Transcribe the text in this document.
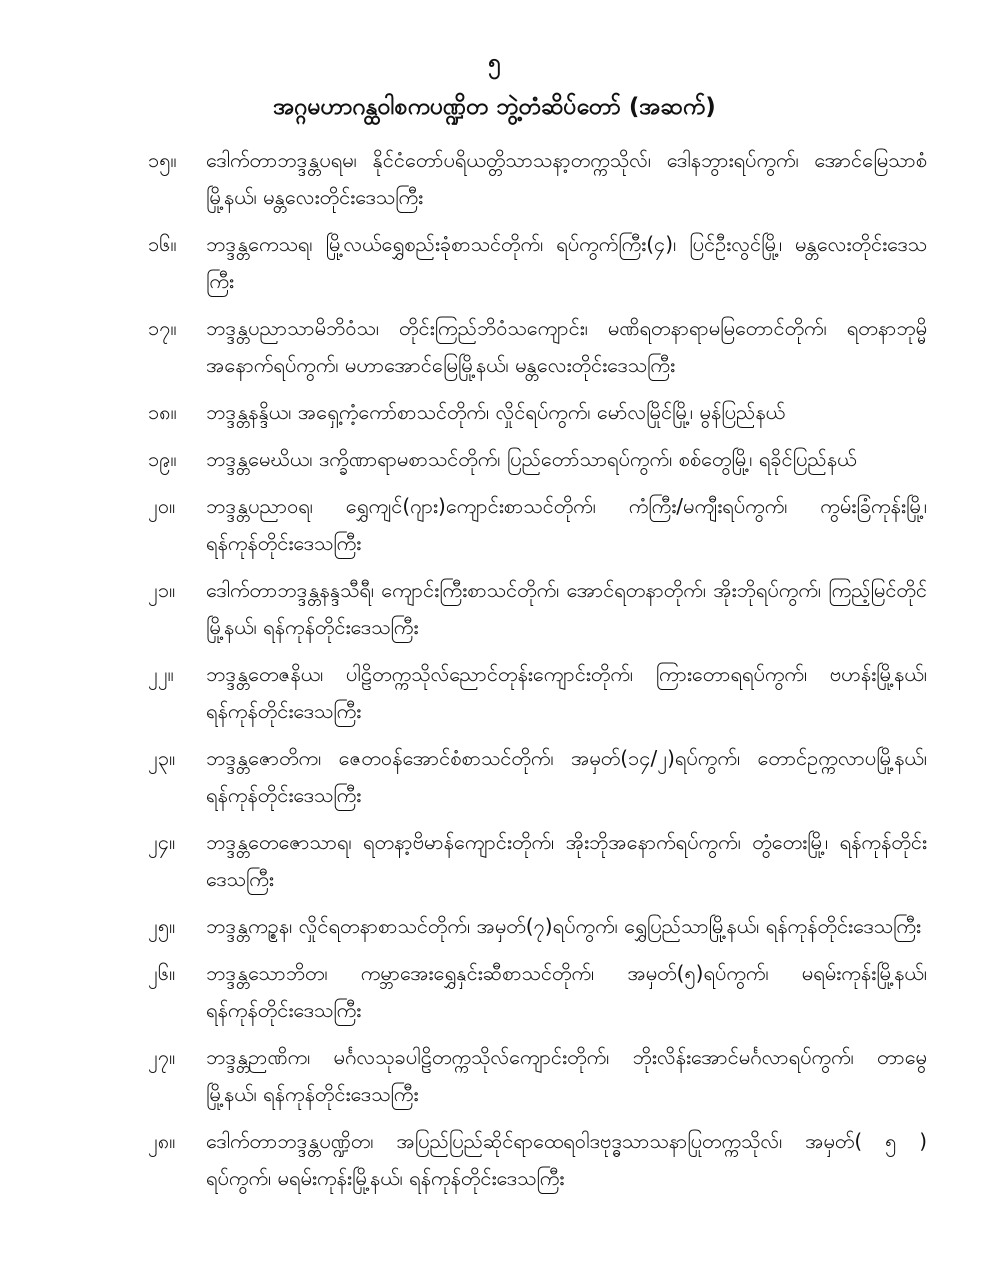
၅
အဂ္ဂမဟာဂန္ထဝါစကပဏ္ဍိတ ဘွဲ့တံဆိပ်တော် (အဆက်)
၁၅။	ဒေါက်တာဘဒ္ဒန္တပရမ၊ နိုင်ငံတော်ပရိယတ္တိသာသနာ့တက္ကသိုလ်၊ ဒေါနဘွားရပ်ကွက်၊ အောင်မြေသာစံမြို့နယ်၊ မန္တလေးတိုင်းဒေသကြီး
၁၆။	ဘဒ္ဒန္တကေသရ၊ မြို့လယ်ရွှေစည်းခုံစာသင်တိုက်၊ ရပ်ကွက်ကြီး(၄)၊ ပြင်ဦးလွင်မြို့၊ မန္တလေးတိုင်းဒေသကြီး
၁၇။	ဘဒ္ဒန္တပညာသာမိဘိဝံသ၊ တိုင်းကြည်ဘိဝံသကျောင်း၊ မဏိရတနာရာမမြတောင်တိုက်၊ ရတနာဘုမ္မိအနောက်ရပ်ကွက်၊ မဟာအောင်မြေမြို့နယ်၊ မန္တလေးတိုင်းဒေသကြီး
၁၈။	ဘဒ္ဒန္တနန္ဒိယ၊ အရှေ့ကံ့ကော်စာသင်တိုက်၊ လှိုင်ရပ်ကွက်၊ မော်လမြိုင်မြို့၊ မွန်ပြည်နယ်
၁၉။	ဘဒ္ဒန္တမေဃိယ၊ ဒက္ခိဏာရာမစာသင်တိုက်၊ ပြည်တော်သာရပ်ကွက်၊ စစ်တွေမြို့၊ ရခိုင်ပြည်နယ်
၂၀။	ဘဒ္ဒန္တပညာဝရ၊ ရွှေကျင်(ဂျား)ကျောင်းစာသင်တိုက်၊ ကံကြီး/မကျီးရပ်ကွက်၊ ကွမ်းခြံကုန်းမြို့၊ ရန်ကုန်တိုင်းဒေသကြီး
၂၁။	ဒေါက်တာဘဒ္ဒန္တနန္ဒသီရီ၊ ကျောင်းကြီးစာသင်တိုက်၊ အောင်ရတနာတိုက်၊ အိုးဘိုရပ်ကွက်၊ ကြည့်မြင်တိုင်မြို့နယ်၊ ရန်ကုန်တိုင်းဒေသကြီး
၂၂။	ဘဒ္ဒန္တတေဇနိယ၊ ပါဠိတက္ကသိုလ်ညောင်တုန်းကျောင်းတိုက်၊ ကြားတောရရပ်ကွက်၊ ဗဟန်းမြို့နယ်၊ ရန်ကုန်တိုင်းဒေသကြီး
၂၃။	ဘဒ္ဒန္တဇောတိက၊ ဇေတဝန်အောင်စံစာသင်တိုက်၊ အမှတ်(၁၄/၂)ရပ်ကွက်၊ တောင်ဥက္ကလာပမြို့နယ်၊ ရန်ကုန်တိုင်းဒေသကြီး
၂၄။	ဘဒ္ဒန္တတေဇောသာရ၊ ရတနာ့ဗိမာန်ကျောင်းတိုက်၊ အိုးဘိုအနောက်ရပ်ကွက်၊ တွံတေးမြို့၊ ရန်ကုန်တိုင်းဒေသကြီး
၂၅။	ဘဒ္ဒန္တကဉ္စန၊ လှိုင်ရတနာစာသင်တိုက်၊ အမှတ်(၇)ရပ်ကွက်၊ ရွှေပြည်သာမြို့နယ်၊ ရန်ကုန်တိုင်းဒေသကြီး
၂၆။	ဘဒ္ဒန္တသောဘိတ၊ ကမ္ဘာအေးရွှေနှင်းဆီစာသင်တိုက်၊ အမှတ်(၅)ရပ်ကွက်၊ မရမ်းကုန်းမြို့နယ်၊ ရန်ကုန်တိုင်းဒေသကြီး
၂၇။	ဘဒ္ဒန္တဉာဏိက၊ မင်္ဂလသုခပါဠိတက္ကသိုလ်ကျောင်းတိုက်၊ ဘိုးလိန်းအောင်မင်္ဂလာရပ်ကွက်၊ တာမွေမြို့နယ်၊ ရန်ကုန်တိုင်းဒေသကြီး
၂၈။	ဒေါက်တာဘဒ္ဒန္တပဏ္ဍိတ၊ အပြည်ပြည်ဆိုင်ရာထေရဝါဒဗုဒ္ဓသာသနာပြုတက္ကသိုလ်၊ အမှတ်( ၅ ) ရပ်ကွက်၊ မရမ်းကုန်းမြို့နယ်၊ ရန်ကုန်တိုင်းဒေသကြီး
